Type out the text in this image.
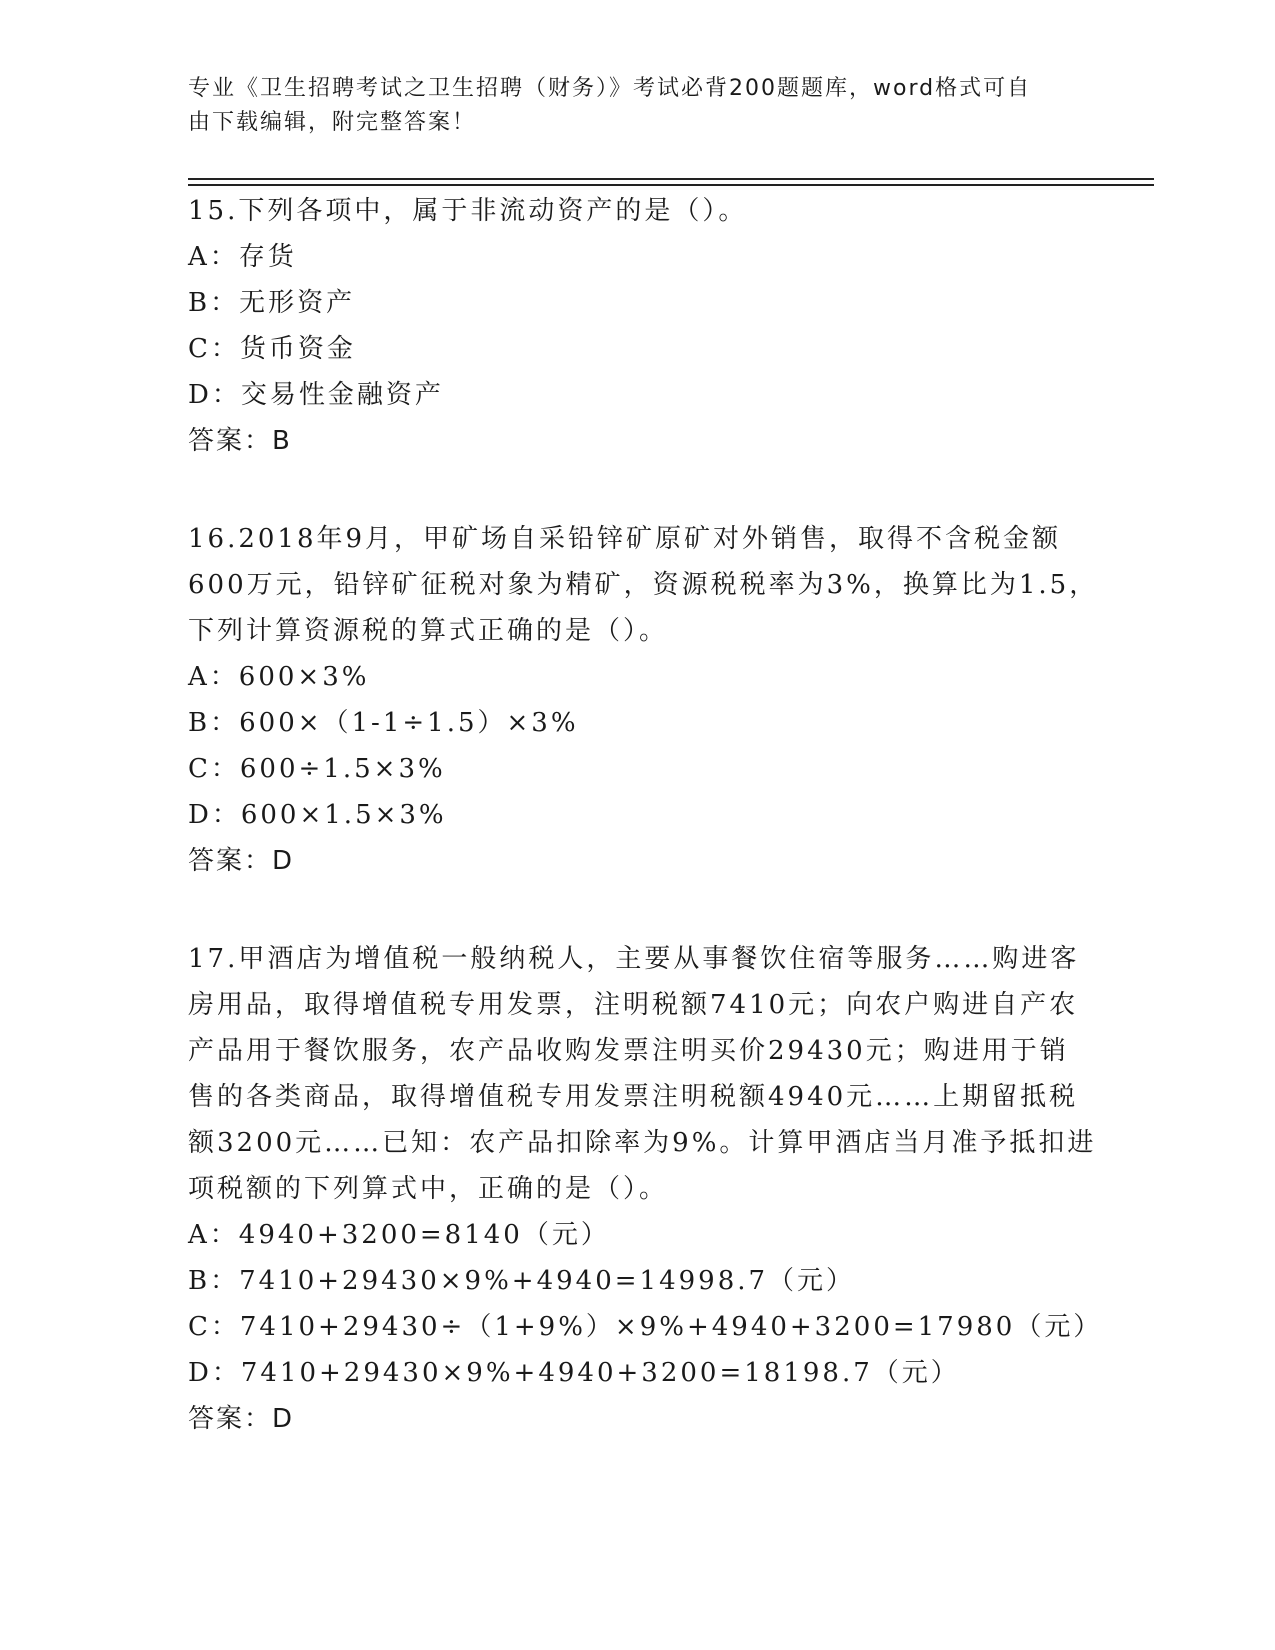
专业《卫生招聘考试之卫生招聘（财务）》考试必背200题题库，word格式可自
由下载编辑，附完整答案！
15.下列各项中，属于非流动资产的是（）。
A：存货
B：无形资产
C：货币资金
D：交易性金融资产
答案：B
16.2018年9月，甲矿场自采铅锌矿原矿对外销售，取得不含税金额
600万元，铅锌矿征税对象为精矿，资源税税率为3%，换算比为1.5，
下列计算资源税的算式正确的是（）。
A：600×3%
B：600×（1-1÷1.5）×3%
C：600÷1.5×3%
D：600×1.5×3%
答案：D
17.甲酒店为增值税一般纳税人，主要从事餐饮住宿等服务……购进客
房用品，取得增值税专用发票，注明税额7410元；向农户购进自产农
产品用于餐饮服务，农产品收购发票注明买价29430元；购进用于销
售的各类商品，取得增值税专用发票注明税额4940元……上期留抵税
额3200元……已知：农产品扣除率为9%。计算甲酒店当月准予抵扣进
项税额的下列算式中，正确的是（）。
A：4940+3200=8140（元）
B：7410+29430×9%+4940=14998.7（元）
C：7410+29430÷（1+9%）×9%+4940+3200=17980（元）
D：7410+29430×9%+4940+3200=18198.7（元）
答案：D
